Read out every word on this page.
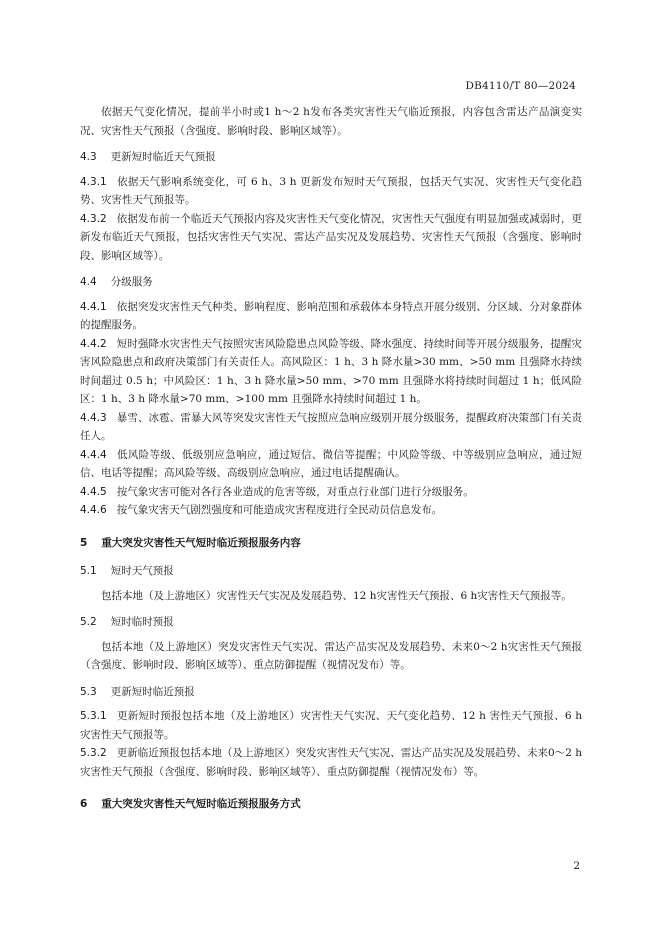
DB4110/T 80—2024

依据天气变化情况，提前半小时或1 h～2 h发布各类灾害性天气临近预报，内容包含雷达产品演变实况、灾害性天气预报（含强度、影响时段、影响区域等）。

4.3 更新短时临近天气预报

4.3.1 依据天气影响系统变化，可 6 h、3 h 更新发布短时天气预报，包括天气实况、灾害性天气变化趋势、灾害性天气预报等。

4.3.2 依据发布前一个临近天气预报内容及灾害性天气变化情况，灾害性天气强度有明显加强或减弱时，更新发布临近天气预报，包括灾害性天气实况、雷达产品实况及发展趋势、灾害性天气预报（含强度、影响时段、影响区域等）。

4.4 分级服务

4.4.1 依据突发灾害性天气种类、影响程度、影响范围和承载体本身特点开展分级别、分区域、分对象群体的提醒服务。

4.4.2 短时强降水灾害性天气按照灾害风险隐患点风险等级、降水强度、持续时间等开展分级服务，提醒灾害风险隐患点和政府决策部门有关责任人。高风险区：1 h、3 h 降水量>30 mm、>50 mm 且强降水持续时间超过 0.5 h；中风险区：1 h、3 h 降水量>50 mm、>70 mm 且强降水将持续时间超过 1 h；低风险区：1 h、3 h 降水量>70 mm、>100 mm 且强降水持续时间超过 1 h。

4.4.3 暴雪、冰雹、雷暴大风等突发灾害性天气按照应急响应级别开展分级服务，提醒政府决策部门有关责任人。

4.4.4 低风险等级、低级别应急响应，通过短信、微信等提醒；中风险等级、中等级别应急响应，通过短信、电话等提醒；高风险等级、高级别应急响应，通过电话提醒确认。

4.4.5 按气象灾害可能对各行各业造成的危害等级，对重点行业部门进行分级服务。

4.4.6 按气象灾害天气剧烈强度和可能造成灾害程度进行全民动员信息发布。

5 重大突发灾害性天气短时临近预报服务内容
5.1 短时天气预报

包括本地（及上游地区）灾害性天气实况及发展趋势、12 h灾害性天气预报、6 h灾害性天气预报等。

5.2 短时临时预报

包括本地（及上游地区）突发灾害性天气实况、雷达产品实况及发展趋势、未来0～2 h灾害性天气预报（含强度、影响时段、影响区域等）、重点防御提醒（视情况发布）等。

5.3 更新短时临近预报

5.3.1 更新短时预报包括本地（及上游地区）灾害性天气实况、天气变化趋势、12 h 害性天气预报、6 h 灾害性天气预报等。

5.3.2 更新临近预报包括本地（及上游地区）突发灾害性天气实况、雷达产品实况及发展趋势、未来0～2 h 灾害性天气预报（含强度、影响时段、影响区域等）、重点防御提醒（视情况发布）等。

6 重大突发灾害性天气短时临近预报服务方式
2
